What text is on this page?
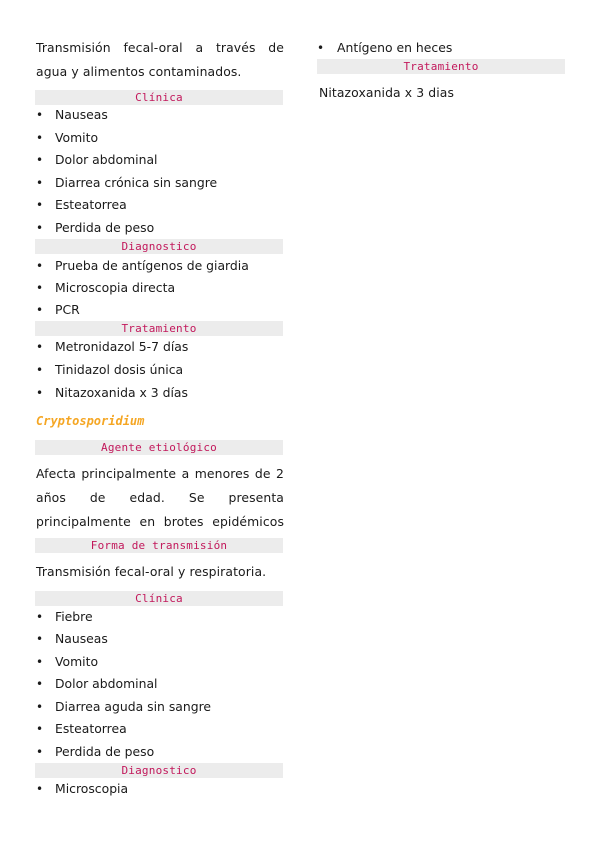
Transmisión fecal-oral a través de agua y alimentos contaminados.
Clínica
• Nauseas
• Vomito
• Dolor abdominal
• Diarrea crónica sin sangre
• Esteatorrea
• Perdida de peso
Diagnostico
• Prueba de antígenos de giardia
• Microscopia directa
• PCR
Tratamiento
• Metronidazol 5-7 días
• Tinidazol dosis única
• Nitazoxanida x 3 días
Cryptosporidium
Agente etiológico
Afecta principalmente a menores de 2 años de edad. Se presenta principalmente en brotes epidémicos
Forma de transmisión
Transmisión fecal-oral y respiratoria.
Clínica
• Fiebre
• Nauseas
• Vomito
• Dolor abdominal
• Diarrea aguda sin sangre
• Esteatorrea
• Perdida de peso
Diagnostico
• Microscopia
• Antígeno en heces
Tratamiento
Nitazoxanida x 3 dias
